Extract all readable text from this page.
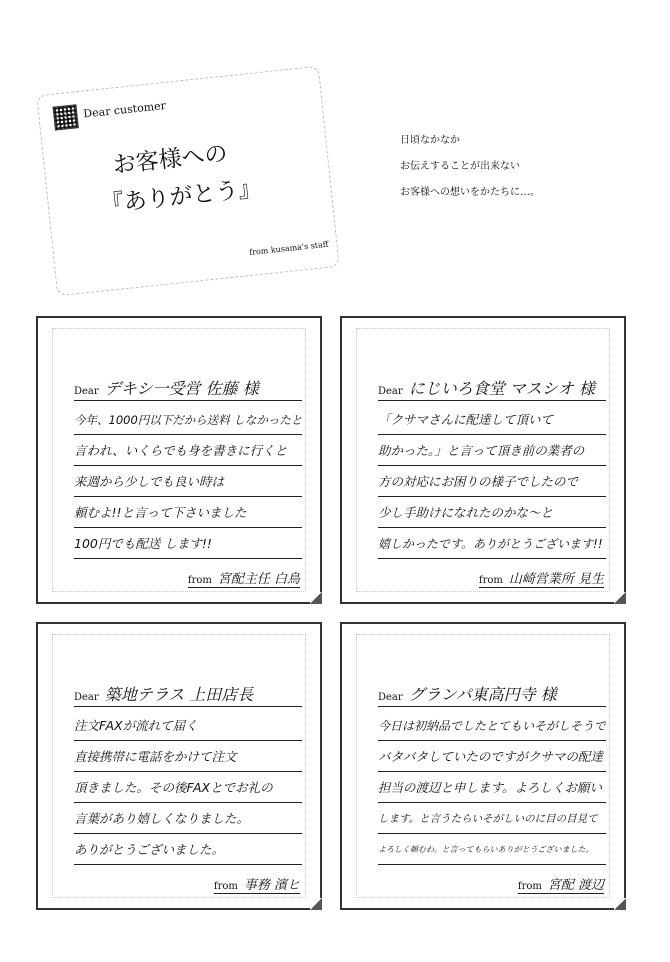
Dear customer
お客様への
『ありがとう』
from kusama's staff
日頃なかなか
お伝えすることが出来ない
お客様への想いをかたちに…。
Dear デキシ一受営 佐藤 様
今年、1000円以下だから送料 しなかったと
言われ、いくらでも身を書きに行くと
来週から少しでも良い時は
頼むよ!!と言って下さいました
100円でも配送 します!!
from 宮配主任 白鳥
Dear にじいろ食堂 マスシオ 様
「クサマさんに配達して頂いて
助かった。」と言って頂き前の業者の
方の対応にお困りの様子でしたので
少し手助けになれたのかな～と
嬉しかったです。ありがとうございます!!
from 山崎営業所 見生
Dear 築地テラス 上田店長
注文FAXが流れて届く
直接携帯に電話をかけて注文
頂きました。その後FAXとでお礼の
言葉があり嬉しくなりました。
ありがとうございました。
from 事務 濱ヒ
Dear グランパ東高円寺 様
今日は初納品でしたとてもいそがしそうで
バタバタしていたのですがクサマの配達
担当の渡辺と申します。よろしくお願い
します。と言うたらいそがしいのに目の目見て
よろしく頼むわ。と言ってもらいありがとうございました。
from 宮配 渡辺
